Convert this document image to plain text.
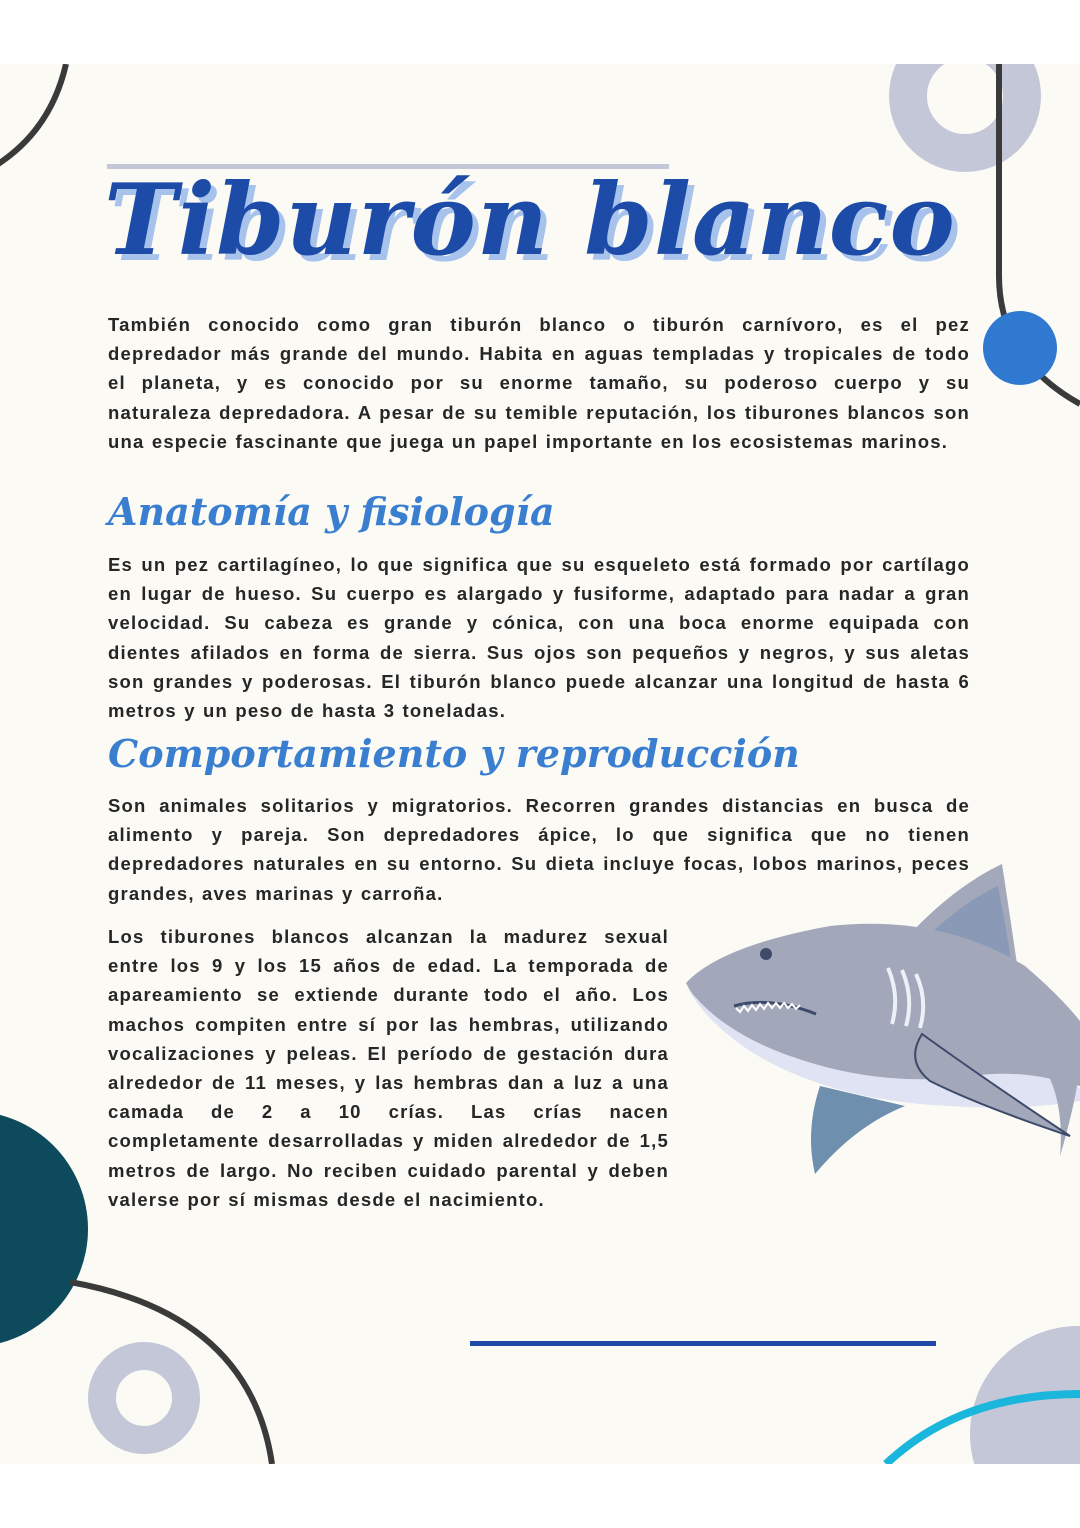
Tiburón blanco

También conocido como gran tiburón blanco o tiburón carnívoro, es el pez depredador más grande del mundo. Habita en aguas templadas y tropicales de todo el planeta, y es conocido por su enorme tamaño, su poderoso cuerpo y su naturaleza depredadora. A pesar de su temible reputación, los tiburones blancos son una especie fascinante que juega un papel importante en los ecosistemas marinos.

Anatomía y fisiología

Es un pez cartilagíneo, lo que significa que su esqueleto está formado por cartílago en lugar de hueso. Su cuerpo es alargado y fusiforme, adaptado para nadar a gran velocidad. Su cabeza es grande y cónica, con una boca enorme equipada con dientes afilados en forma de sierra. Sus ojos son pequeños y negros, y sus aletas son grandes y poderosas. El tiburón blanco puede alcanzar una longitud de hasta 6 metros y un peso de hasta 3 toneladas.

Comportamiento y reproducción

Son animales solitarios y migratorios. Recorren grandes distancias en busca de alimento y pareja. Son depredadores ápice, lo que significa que no tienen depredadores naturales en su entorno. Su dieta incluye focas, lobos marinos, peces grandes, aves marinas y carroña.

Los tiburones blancos alcanzan la madurez sexual entre los 9 y los 15 años de edad. La temporada de apareamiento se extiende durante todo el año. Los machos compiten entre sí por las hembras, utilizando vocalizaciones y peleas. El período de gestación dura alrededor de 11 meses, y las hembras dan a luz a una camada de 2 a 10 crías. Las crías nacen completamente desarrolladas y miden alrededor de 1,5 metros de largo. No reciben cuidado parental y deben valerse por sí mismas desde el nacimiento.
